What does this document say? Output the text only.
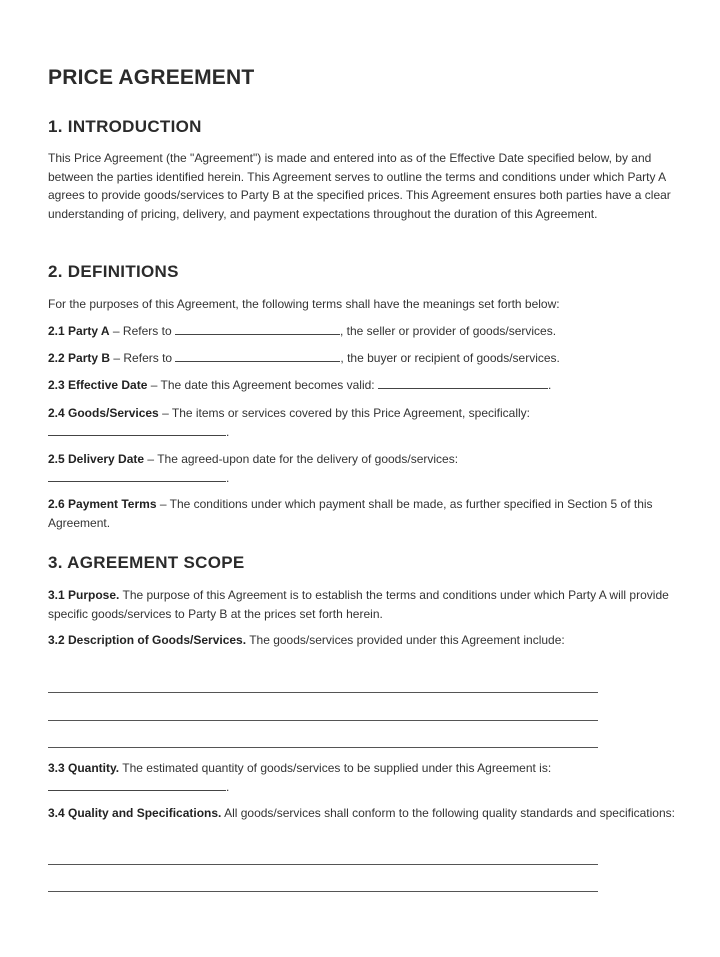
PRICE AGREEMENT
1. INTRODUCTION

This Price Agreement (the "Agreement") is made and entered into as of the Effective Date specified below, by and between the parties identified herein. This Agreement serves to outline the terms and conditions under which Party A agrees to provide goods/services to Party B at the specified prices. This Agreement ensures both parties have a clear understanding of pricing, delivery, and payment expectations throughout the duration of this Agreement.

2. DEFINITIONS

For the purposes of this Agreement, the following terms shall have the meanings set forth below:

2.1 Party A – Refers to	, the seller or provider of goods/services.

2.2 Party B – Refers to	, the buyer or recipient of goods/services.

2.3 Effective Date – The date this Agreement becomes valid:	.

2.4 Goods/Services – The items or services covered by this Price Agreement, specifically:
.

2.5 Delivery Date – The agreed-upon date for the delivery of goods/services:
.

2.6 Payment Terms – The conditions under which payment shall be made, as further specified in Section 5 of this Agreement.

3. AGREEMENT SCOPE

3.1 Purpose. The purpose of this Agreement is to establish the terms and conditions under which Party A will provide specific goods/services to Party B at the prices set forth herein.

3.2 Description of Goods/Services. The goods/services provided under this Agreement include:

3.3 Quantity. The estimated quantity of goods/services to be supplied under this Agreement is:
.

3.4 Quality and Specifications. All goods/services shall conform to the following quality standards and specifications:
